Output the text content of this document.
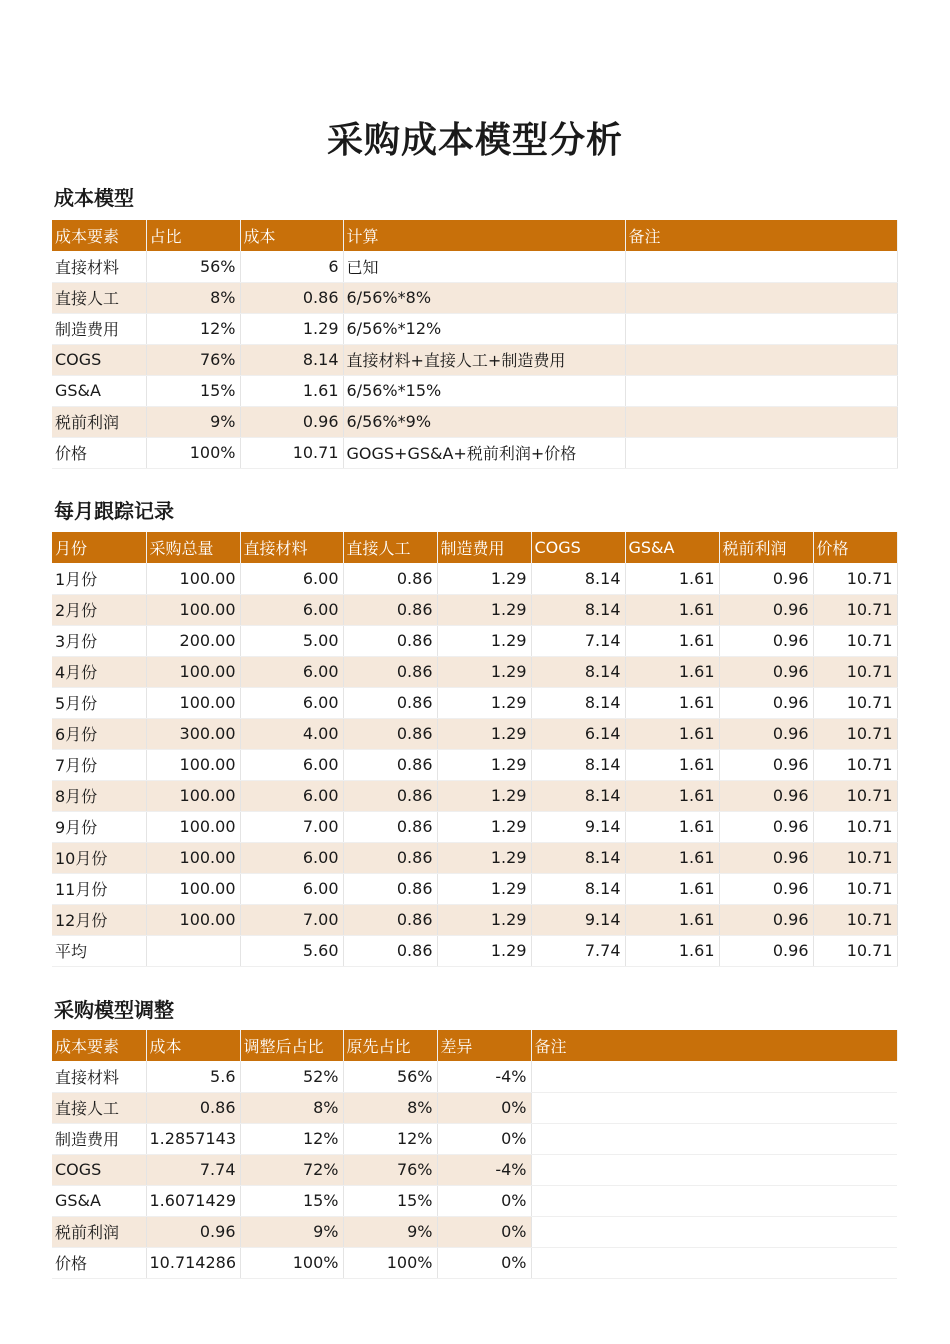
采购成本模型分析
成本模型
成本要素	占比	成本	计算	备注
直接材料	56%	6	已知	
直接人工	8%	0.86	6/56%*8%	
制造费用	12%	1.29	6/56%*12%	
COGS	76%	8.14	直接材料+直接人工+制造费用	
GS&A	15%	1.61	6/56%*15%	
税前利润	9%	0.96	6/56%*9%	
价格	100%	10.71	GOGS+GS&A+税前利润+价格	
每月跟踪记录
月份	采购总量	直接材料	直接人工	制造费用	COGS	GS&A	税前利润	价格
1月份	100.00	6.00	0.86	1.29	8.14	1.61	0.96	10.71
2月份	100.00	6.00	0.86	1.29	8.14	1.61	0.96	10.71
3月份	200.00	5.00	0.86	1.29	7.14	1.61	0.96	10.71
4月份	100.00	6.00	0.86	1.29	8.14	1.61	0.96	10.71
5月份	100.00	6.00	0.86	1.29	8.14	1.61	0.96	10.71
6月份	300.00	4.00	0.86	1.29	6.14	1.61	0.96	10.71
7月份	100.00	6.00	0.86	1.29	8.14	1.61	0.96	10.71
8月份	100.00	6.00	0.86	1.29	8.14	1.61	0.96	10.71
9月份	100.00	7.00	0.86	1.29	9.14	1.61	0.96	10.71
10月份	100.00	6.00	0.86	1.29	8.14	1.61	0.96	10.71
11月份	100.00	6.00	0.86	1.29	8.14	1.61	0.96	10.71
12月份	100.00	7.00	0.86	1.29	9.14	1.61	0.96	10.71
平均		5.60	0.86	1.29	7.74	1.61	0.96	10.71
采购模型调整
成本要素	成本	调整后占比	原先占比	差异	备注
直接材料	5.6	52%	56%	-4%	
直接人工	0.86	8%	8%	0%	
制造费用	1.2857143	12%	12%	0%	
COGS	7.74	72%	76%	-4%	
GS&A	1.6071429	15%	15%	0%	
税前利润	0.96	9%	9%	0%	
价格	10.714286	100%	100%	0%	
